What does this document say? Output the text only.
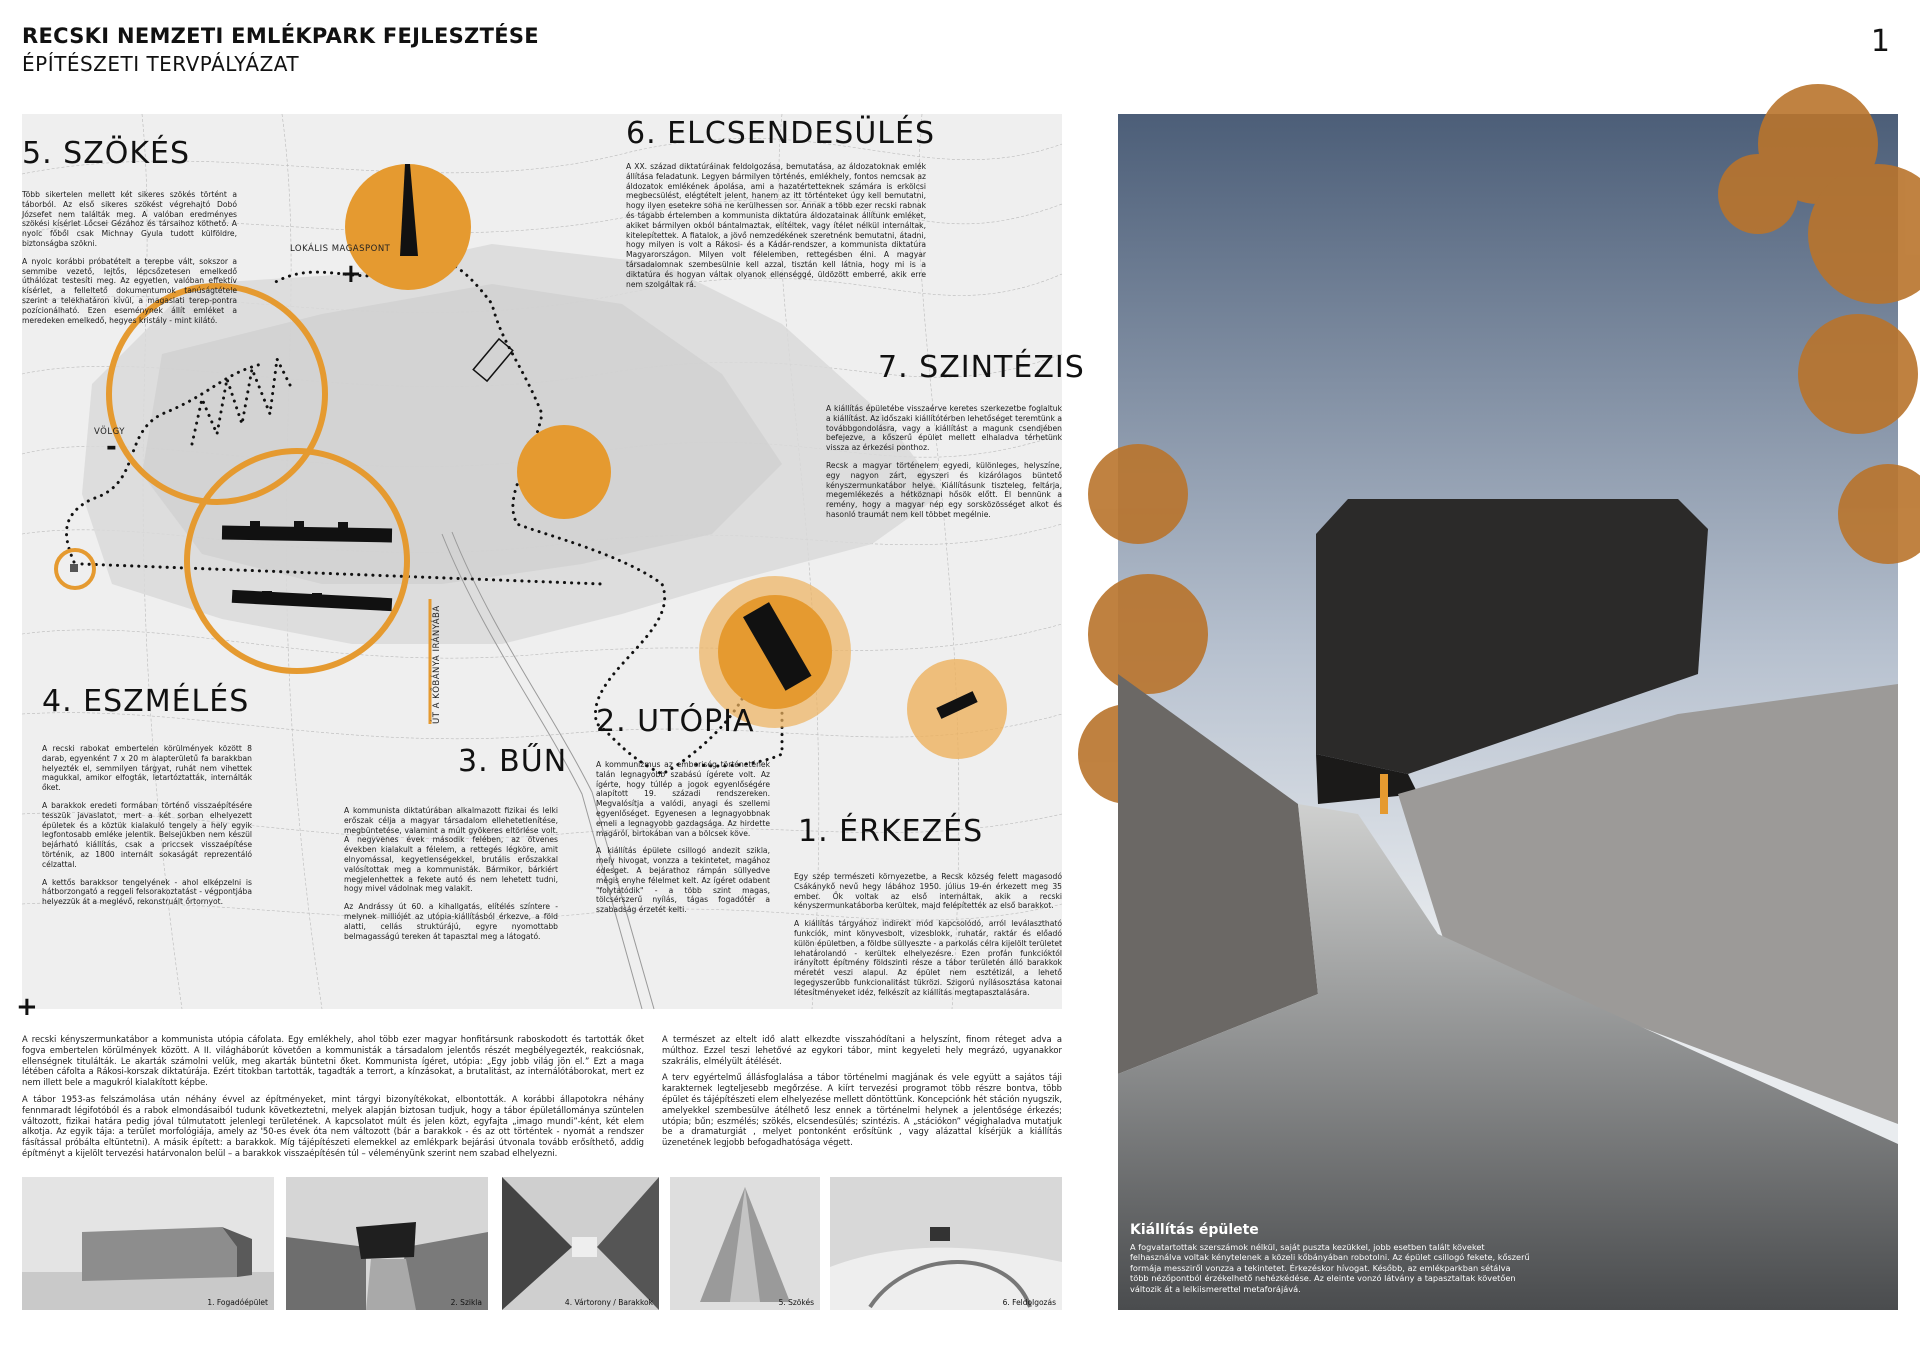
RECSKI NEMZETI EMLÉKPARK FEJLESZTÉSE
ÉPÍTÉSZETI TERVPÁLYÁZAT
1
LOKÁLIS MAGASPONT
+
VÖLGY
-
ÚT A KŐBÁNYA IRÁNYÁBA
5. SZÖKÉS

Több sikertelen mellett két sikeres szökés történt a táborból. Az első sikeres szökést végrehajtó Dobó Józsefet nem találták meg. A valóban eredményes szökési kísérlet Lőcsei Gézához és társaihoz köthető. A nyolc főből csak Michnay Gyula tudott külföldre, biztonságba szökni.

A nyolc korábbi próbatételt a terepbe vált, sokszor a semmibe vezető, lejtős, lépcsőzetesen emelkedő úthálózat testesíti meg. Az egyetlen, valóban effektív kísérlet, a felleltető dokumentumok tanúságtétele szerint a telekhatáron kívül, a magaslati terep-pontra pozícionálható. Ezen eseménynek állít emléket a meredeken emelkedő, hegyes kristály - mint kilátó.

6. ELCSENDESÜLÉS

A XX. század diktatúráinak feldolgozása, bemutatása, az áldozatoknak emlék állítása feladatunk. Legyen bármilyen történés, emlékhely, fontos nemcsak az áldozatok emlékének ápolása, ami a hazatértetteknek számára is erkölcsi megbecsülést, elégtételt jelent, hanem az itt történteket úgy kell bemutatni, hogy ilyen esetekre soha ne kerülhessen sor. Annak a több ezer recski rabnak és tágabb értelemben a kommunista diktatúra áldozatainak állítunk emléket, akiket bármilyen okból bántalmaztak, elítéltek, vagy ítélet nélkül internáltak, kitelepítettek. A fiatalok, a jövő nemzedékének szeretnénk bemutatni, átadni, hogy milyen is volt a Rákosi- és a Kádár-rendszer, a kommunista diktatúra Magyarországon. Milyen volt félelemben, rettegésben élni. A magyar társadalomnak szembesülnie kell azzal, tisztán kell látnia, hogy mi is a diktatúra és hogyan váltak olyanok ellenséggé, üldözött emberré, akik erre nem szolgáltak rá.

7. SZINTÉZIS

A kiállítás épületébe visszaérve keretes szerkezetbe foglaltuk a kiállítást. Az időszaki kiállítótérben lehetőséget teremtünk a továbbgondolásra, vagy a kiállítást a magunk csendjében befejezve, a kőszerű épület mellett elhaladva térhetünk vissza az érkezési ponthoz.

Recsk a magyar történelem egyedi, különleges, helyszíne, egy nagyon zárt, egyszeri és kizárólagos büntető kényszermunkatábor helye. Kiállításunk tiszteleg, feltárja, megemlékezés a hétköznapi hősök előtt. Él bennünk a remény, hogy a magyar nép egy sorsközösséget alkot és hasonló traumát nem kell többet megélnie.

4. ESZMÉLÉS

A recski rabokat embertelen körülmények között 8 darab, egyenként 7 x 20 m alapterületű fa barakkban helyezték el, semmilyen tárgyat, ruhát nem vihettek magukkal, amikor elfogták, letartóztatták, internálták őket.

A barakkok eredeti formában történő visszaépítésére tesszük javaslatot, mert a két sorban elhelyezett épületek és a köztük kialakuló tengely a hely egyik legfontosabb emléke jelentik. Belsejükben nem készül bejárható kiállítás, csak a priccsek visszaépítése történik, az 1800 internált sokaságát reprezentáló célzattal.

A kettős barakksor tengelyének - ahol elképzelni is hátborzongató a reggeli felsorakoztatást - végpontjába helyezzük át a meglévő, rekonstruált őrtornyot.

3. BŰN

A kommunista diktatúrában alkalmazott fizikai és lelki erőszak célja a magyar társadalom ellehetetlenítése, megbüntetése, valamint a múlt gyökeres eltörlése volt. A negyvenes évek második felében, az ötvenes években kialakult a félelem, a rettegés légköre, amit elnyomással, kegyetlenségekkel, brutális erőszakkal valósítottak meg a kommunisták. Bármikor, bárkiért megjelenhettek a fekete autó és nem lehetett tudni, hogy mivel vádolnak meg valakit.

Az Andrássy út 60. a kihallgatás, elítélés színtere - melynek milliójét az utópia-kiállításból érkezve, a föld alatti, cellás struktúrájú, egyre nyomottabb belmagasságú tereken át tapasztal meg a látogató.

2. UTÓPIA

A kommunizmus az emberiség történetének talán legnagyobb szabású ígérete volt. Az ígérte, hogy túllép a jogok egyenlőségére alapított 19. századi rendszereken. Megvalósítja a valódi, anyagi és szellemi egyenlőséget. Egyenesen a legnagyobbnak emeli a legnagyobb gazdagsága. Az hirdette magáról, birtokában van a bölcsek köve.

A kiállítás épülete csillogó andezit szikla, mely hivogat, vonzza a tekintetet, magához édesget. A bejárathoz rámpán süllyedve mégis enyhe félelmet kelt. Az ígéret odabent "folytatódik" - a több szint magas, tölcsérszerű nyílás, tágas fogadótér a szabadság érzetét kelti.

1. ÉRKEZÉS

Egy szép természeti környezetbe, a Recsk község felett magasodó Csákánykő nevű hegy lábához 1950. július 19-én érkezett meg 35 ember. Ők voltak az első internáltak, akik a recski kényszermunkatáborba kerültek, majd felépítették az első barakkot.

A kiállítás tárgyához indirekt mód kapcsolódó, arról leválasztható funkciók, mint könyvesbolt, vizesblokk, ruhatár, raktár és előadó külön épületben, a földbe süllyeszte - a parkolás célra kijelölt területet lehatárolandó - kerültek elhelyezésre. Ezen profán funkcióktól irányított építmény földszinti része a tábor területén álló barakkok méretét veszi alapul. Az épület nem esztétizál, a lehető legegyszerűbb funkcionalitást tükrözi. Szigorú nyílásosztása katonai létesítményeket idéz, felkészít az kiállítás megtapasztalására.

+

A recski kényszermunkatábor a kommunista utópia cáfolata. Egy emlékhely, ahol több ezer magyar honfitársunk raboskodott és tartották őket fogva embertelen körülmények között. A II. világháborút követően a kommunisták a társadalom jelentős részét megbélyegezték, reakciósnak, ellenségnek titulálták. Le akarták számolni velük, meg akarták büntetni őket. Kommunista ígéret, utópia: „Egy jobb világ jön el.” Ezt a maga létében cáfolta a Rákosi-korszak diktatúrája. Ezért titokban tartották, tagadták a terrort, a kínzásokat, a brutalitást, az internálótáborokat, mert ez nem illett bele a magukról kialakított képbe.

A tábor 1953-as felszámolása után néhány évvel az építményeket, mint tárgyi bizonyítékokat, elbontották. A korábbi állapotokra néhány fennmaradt légifotóból és a rabok elmondásaiból tudunk következtetni, melyek alapján biztosan tudjuk, hogy a tábor épületállománya szüntelen változott, fizikai határa pedig jóval túlmutatott jelenlegi területének. A kapcsolatot múlt és jelen közt, egyfajta „imago mundi”-ként, két elem alkotja. Az egyik tája: a terület morfológiája, amely az '50-es évek óta nem változott (bár a barakkok - és az ott történtek - nyomát a rendszer fásítással próbálta eltüntetni). A másik épített: a barakkok. Míg tájépítészeti elemekkel az emlékpark bejárási útvonala tovább erősíthető, addig építményt a kijelölt tervezési határvonalon belül – a barakkok visszaépítésén túl – véleményünk szerint nem szabad elhelyezni.

A természet az eltelt idő alatt elkezdte visszahódítani a helyszínt, finom réteget adva a múlthoz. Ezzel teszi lehetővé az egykori tábor, mint kegyeleti hely megrázó, ugyanakkor szakrális, elmélyült átélését.

A terv egyértelmű állásfoglalása a tábor történelmi magjának és vele együtt a sajátos táji karakternek legteljesebb megőrzése. A kiírt tervezési programot több részre bontva, több épület és tájépítészeti elem elhelyezése mellett döntöttünk. Koncepciónk hét stáción nyugszik, amelyekkel szembesülve átélhető lesz ennek a történelmi helynek a jelentősége érkezés; utópia; bűn; eszmélés; szökés, elcsendesülés; szintézis. A „stációkon” végighaladva mutatjuk be a dramaturgiát , melyet pontonként erősítünk , vagy alázattal kísérjük a kiállítás üzenetének legjobb befogadhatósága végett.

1. Fogadóépület	2. Szikla	4. Vártorony / Barakkok	5. Szökés	6. Feldolgozás
Kiállítás épülete
A fogvatartottak szerszámok nélkül, saját puszta kezükkel, jobb esetben talált köveket felhasználva voltak kénytelenek a közeli kőbányában robotolni. Az épület csillogó fekete, kőszerű formája messziről vonzza a tekintetet. Érkezéskor hívogat. Később, az emlékparkban sétálva több nézőpontból érzékelhető nehézkédése. Az eleinte vonzó látvány a tapasztaltak követően változik át a lelkiismerettel metaforájává.
